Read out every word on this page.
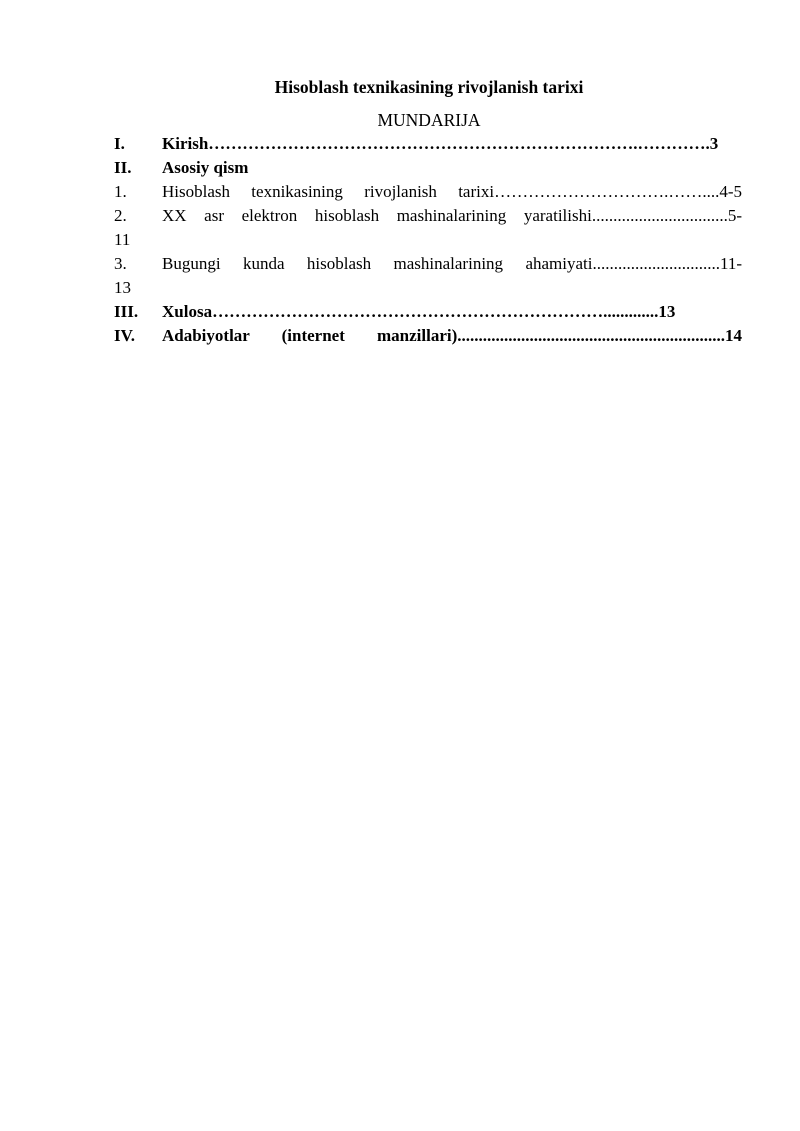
Hisoblash texnikasining rivojlanish tarixi
MUNDARIJA
I. Kirish………………………………………………………………….………….3
II. Asosiy qism
1. Hisoblash texnikasining rivojlanish tarixi………………………….……....4-5
2. XX asr elektron hisoblash mashinalarining yaratilishi................................5-
11
3. Bugungi kunda hisoblash mashinalarining ahamiyati..............................11-
13
III. Xulosa…………………………………………………………….............13
IV. Adabiyotlar (internet manzillari)...............................................................14
